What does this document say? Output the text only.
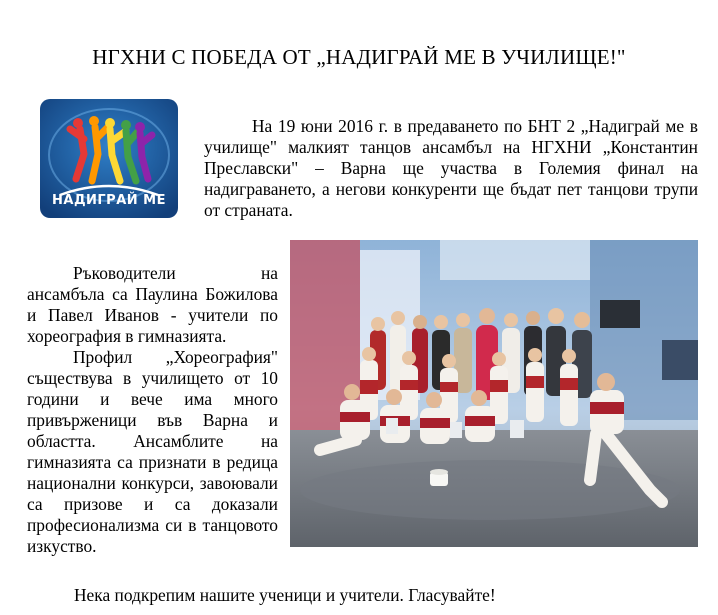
НГХНИ С ПОБЕДА ОТ „НАДИГРАЙ МЕ В УЧИЛИЩЕ!"
НАДИГРАЙ МЕ

На 19 юни 2016 г. в предаването по БНТ 2 „Надиграй ме в училище" малкият танцов ансамбъл на НГХНИ „Константин Преславски" – Варна ще участва в Големия финал на надиграването, а негови конкуренти ще бъдат пет танцови трупи от страната.

Ръководители на ансамбъла са Паулина Божилова и Павел Иванов - учители по хореография в гимназията.

Профил „Хореография" съществува в училището от 10 години и вече има много привърженици във Варна и областта. Ансамблите на гимназията са признати в редица национални конкурси, завоювали са призове и са доказали професионализма си в танцовото изкуство.

Нека подкрепим нашите ученици и учители. Гласувайте!
